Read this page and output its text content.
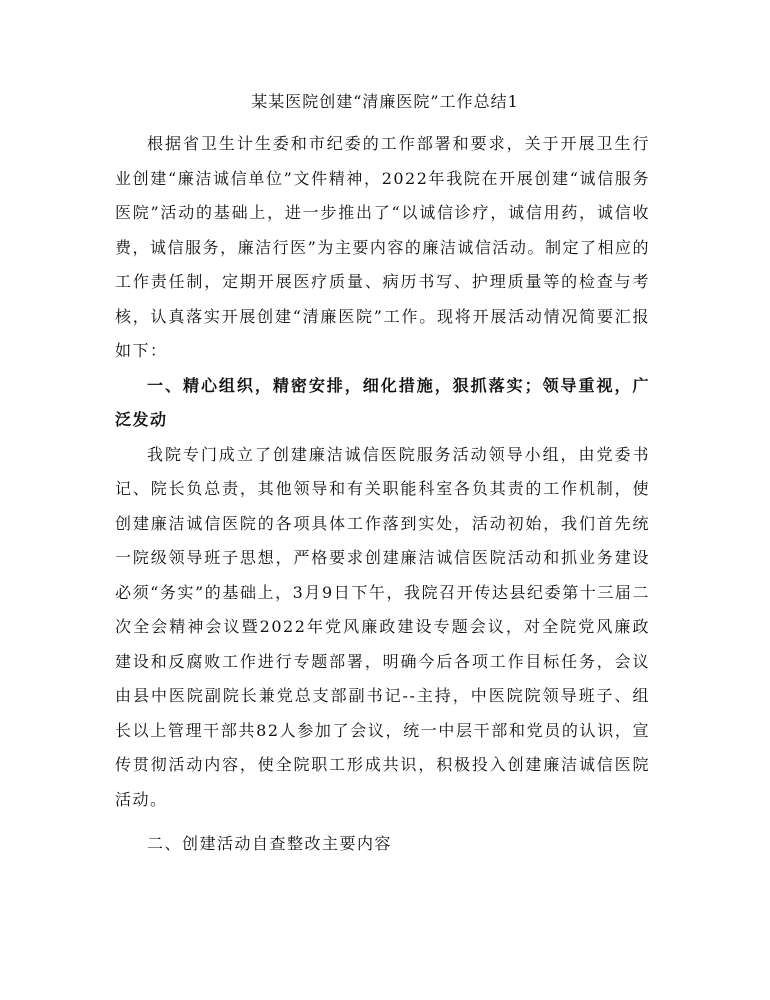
某某医院创建“清廉医院”工作总结1

根据省卫生计生委和市纪委的工作部署和要求，关于开展卫生行业创建“廉洁诚信单位”文件精神，2022年我院在开展创建“诚信服务医院”活动的基础上，进一步推出了“以诚信诊疗，诚信用药，诚信收费，诚信服务，廉洁行医”为主要内容的廉洁诚信活动。制定了相应的工作责任制，定期开展医疗质量、病历书写、护理质量等的检查与考核，认真落实开展创建“清廉医院”工作。现将开展活动情况简要汇报如下：

一、精心组织，精密安排，细化措施，狠抓落实；领导重视，广泛发动

我院专门成立了创建廉洁诚信医院服务活动领导小组，由党委书记、院长负总责，其他领导和有关职能科室各负其责的工作机制，使创建廉洁诚信医院的各项具体工作落到实处，活动初始，我们首先统一院级领导班子思想，严格要求创建廉洁诚信医院活动和抓业务建设必须“务实”的基础上，3月9日下午，我院召开传达县纪委第十三届二次全会精神会议暨2022年党风廉政建设专题会议，对全院党风廉政建设和反腐败工作进行专题部署，明确今后各项工作目标任务，会议由县中医院副院长兼党总支部副书记--主持，中医院院领导班子、组长以上管理干部共82人参加了会议，统一中层干部和党员的认识，宣传贯彻活动内容，使全院职工形成共识，积极投入创建廉洁诚信医院活动。

二、创建活动自查整改主要内容
